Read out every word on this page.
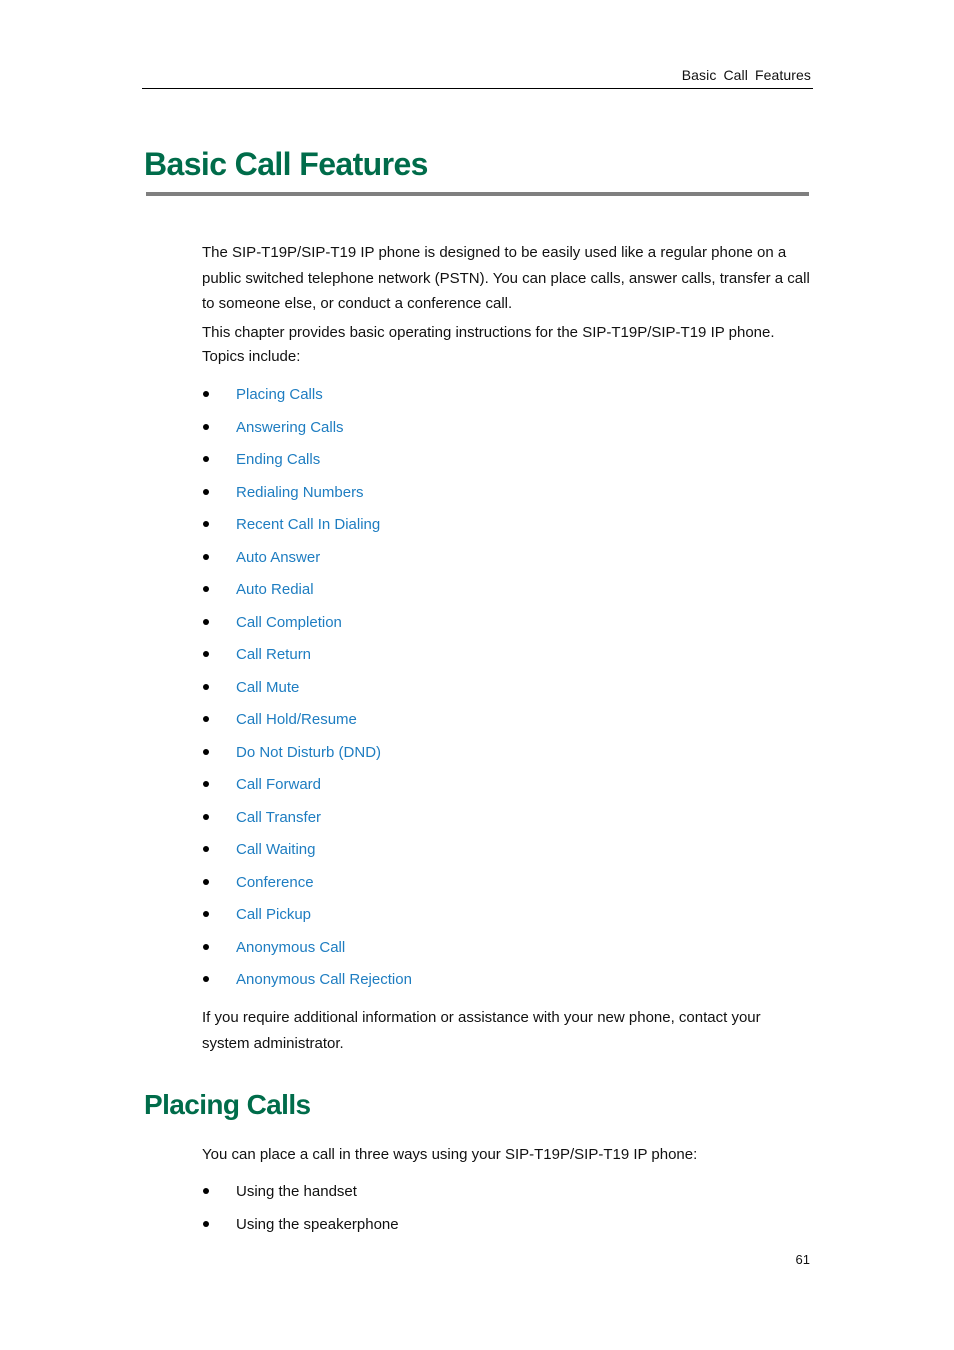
Basic Call Features
Basic Call Features

The SIP-T19P/SIP-T19 IP phone is designed to be easily used like a regular phone on a public switched telephone network (PSTN). You can place calls, answer calls, transfer a call to someone else, or conduct a conference call.

This chapter provides basic operating instructions for the SIP-T19P/SIP-T19 IP phone. Topics include:

Placing Calls
Answering Calls
Ending Calls
Redialing Numbers
Recent Call In Dialing
Auto Answer
Auto Redial
Call Completion
Call Return
Call Mute
Call Hold/Resume
Do Not Disturb (DND)
Call Forward
Call Transfer
Call Waiting
Conference
Call Pickup
Anonymous Call
Anonymous Call Rejection

If you require additional information or assistance with your new phone, contact your system administrator.

Placing Calls

You can place a call in three ways using your SIP-T19P/SIP-T19 IP phone:

Using the handset
Using the speakerphone
61
